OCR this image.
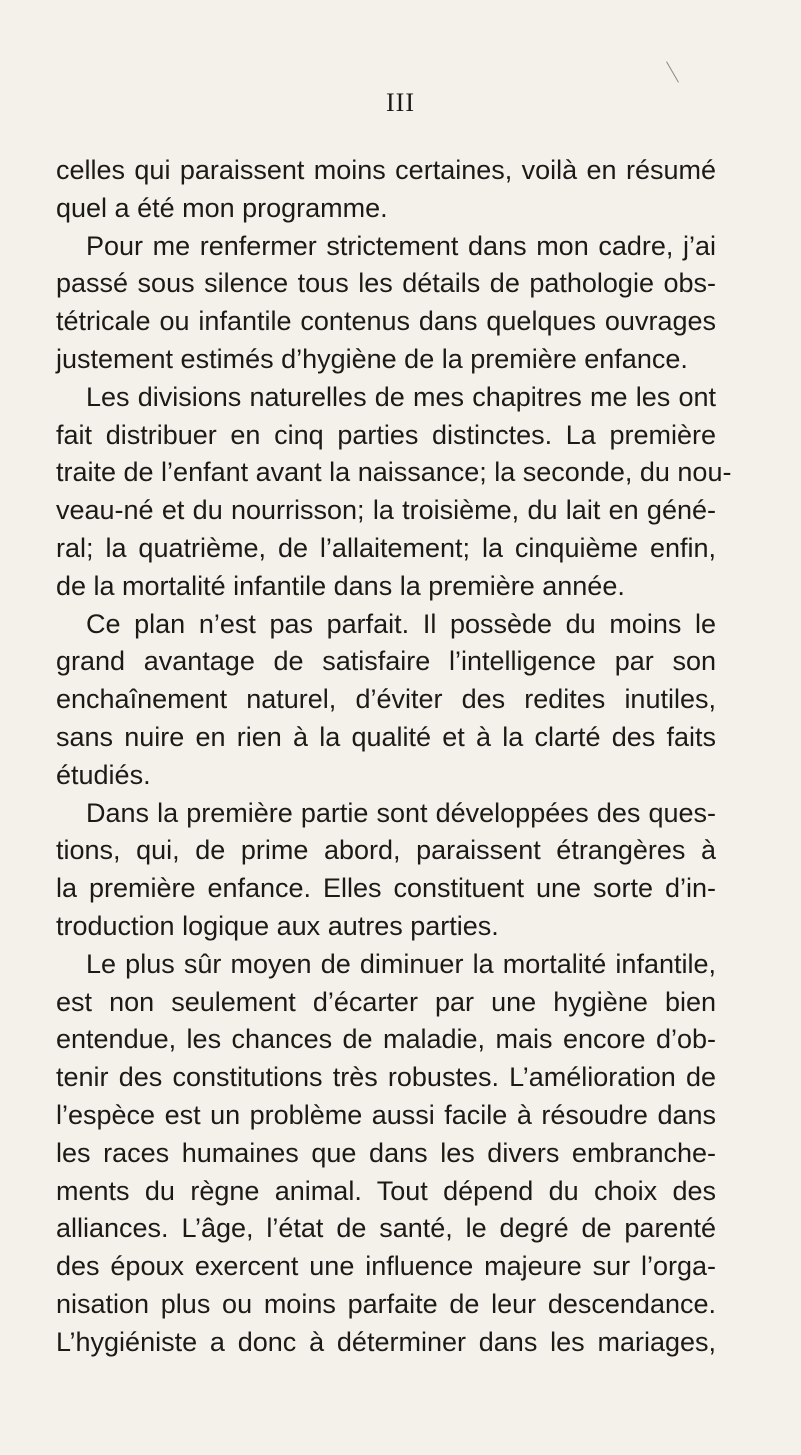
III
celles qui paraissent moins certaines, voilà en résumé
quel a été mon programme.
Pour me renfermer strictement dans mon cadre, j’ai
passé sous silence tous les détails de pathologie obs-
tétricale ou infantile contenus dans quelques ouvrages
justement estimés d’hygiène de la première enfance.
Les divisions naturelles de mes chapitres me les ont
fait distribuer en cinq parties distinctes. La première
traite de l’enfant avant la naissance; la seconde, du nou-
veau-né et du nourrisson; la troisième, du lait en géné-
ral; la quatrième, de l’allaitement; la cinquième enfin,
de la mortalité infantile dans la première année.
Ce plan n’est pas parfait. Il possède du moins le
grand avantage de satisfaire l’intelligence par son
enchaînement naturel, d’éviter des redites inutiles,
sans nuire en rien à la qualité et à la clarté des faits
étudiés.
Dans la première partie sont développées des ques-
tions, qui, de prime abord, paraissent étrangères à
la première enfance. Elles constituent une sorte d’in-
troduction logique aux autres parties.
Le plus sûr moyen de diminuer la mortalité infantile,
est non seulement d’écarter par une hygiène bien
entendue, les chances de maladie, mais encore d’ob-
tenir des constitutions très robustes. L’amélioration de
l’espèce est un problème aussi facile à résoudre dans
les races humaines que dans les divers embranche-
ments du règne animal. Tout dépend du choix des
alliances. L’âge, l’état de santé, le degré de parenté
des époux exercent une influence majeure sur l’orga-
nisation plus ou moins parfaite de leur descendance.
L’hygiéniste a donc à déterminer dans les mariages,
